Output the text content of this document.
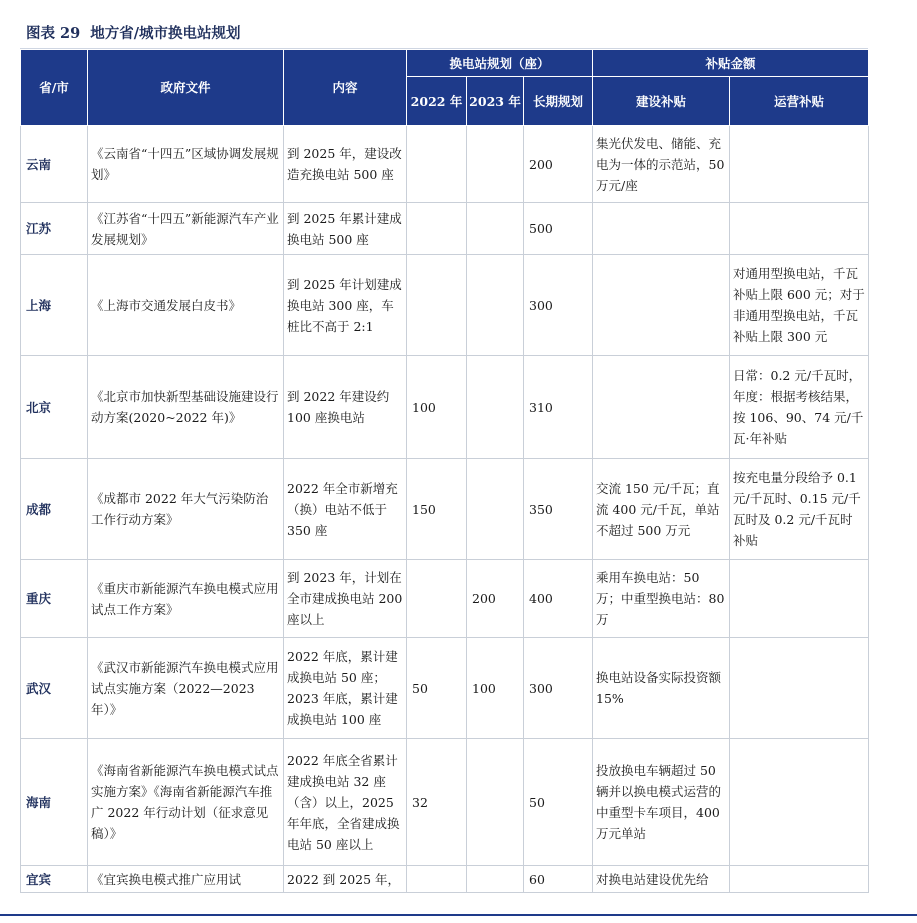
图表 29 地方省/城市换电站规划
省/市	政府文件	内容	换电站规划（座）			补贴金额	
			2022 年	2023 年	长期规划	建设补贴	运营补贴
云南	《云南省“十四五”区域协调发展规划》	到 2025 年，建设改造充换电站 500 座			200	集光伏发电、储能、充电为一体的示范站，50 万元/座	
江苏	《江苏省“十四五”新能源汽车产业发展规划》	到 2025 年累计建成换电站 500 座			500		
上海	《上海市交通发展白皮书》	到 2025 年计划建成换电站 300 座，车桩比不高于 2:1			300		对通用型换电站，千瓦补贴上限 600 元；对于非通用型换电站，千瓦补贴上限 300 元
北京	《北京市加快新型基础设施建设行动方案(2020~2022 年)》	到 2022 年建设约 100 座换电站	100		310		日常：0.2 元/千瓦时，年度：根据考核结果，按 106、90、74 元/千瓦·年补贴
成都	《成都市 2022 年大气污染防治工作行动方案》	2022 年全市新增充（换）电站不低于 350 座	150		350	交流 150 元/千瓦；直流 400 元/千瓦，单站不超过 500 万元	按充电量分段给予 0.1 元/千瓦时、0.15 元/千瓦时及 0.2 元/千瓦时补贴
重庆	《重庆市新能源汽车换电模式应用试点工作方案》	到 2023 年，计划在全市建成换电站 200 座以上		200	400	乘用车换电站：50 万；中重型换电站：80 万	
武汉	《武汉市新能源汽车换电模式应用试点实施方案（2022—2023 年）》	2022 年底，累计建成换电站 50 座；2023 年底，累计建成换电站 100 座	50	100	300	换电站设备实际投资额 15%	
海南	《海南省新能源汽车换电模式试点实施方案》《海南省新能源汽车推广 2022 年行动计划（征求意见稿）》	2022 年底全省累计建成换电站 32 座（含）以上，2025 年年底，全省建成换电站 50 座以上	32		50	投放换电车辆超过 50 辆并以换电模式运营的中重型卡车项目，400 万元单站	
宜宾	《宜宾换电模式推广应用试	2022 到 2025 年，			60	对换电站建设优先给	
